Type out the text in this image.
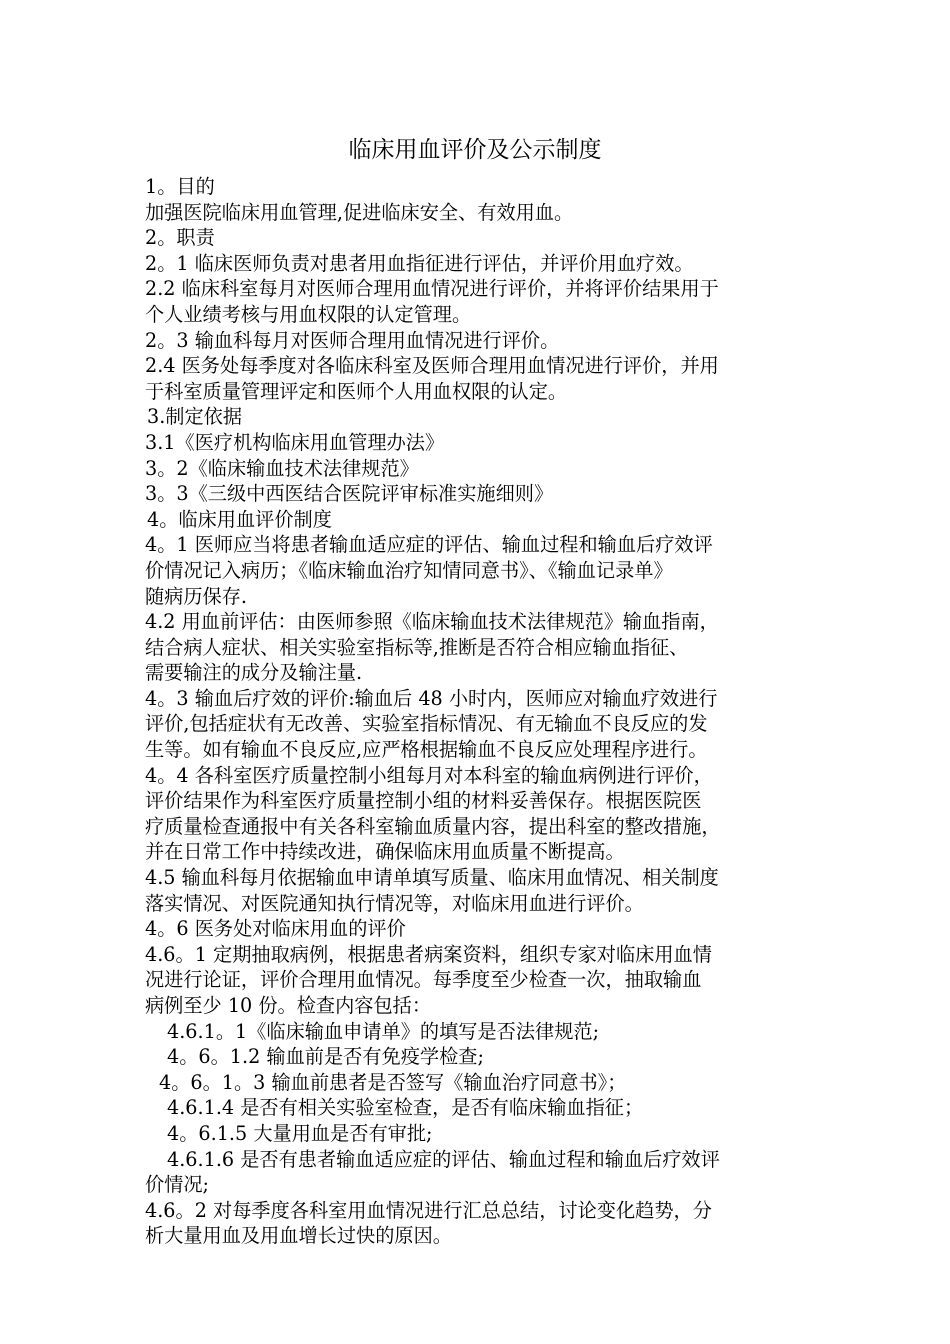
临床用血评价及公示制度
1。目的
加强医院临床用血管理,促进临床安全、有效用血。
2。职责
2。1 临床医师负责对患者用血指征进行评估，并评价用血疗效。
2.2 临床科室每月对医师合理用血情况进行评价，并将评价结果用于
个人业绩考核与用血权限的认定管理。
2。3 输血科每月对医师合理用血情况进行评价。
2.4 医务处每季度对各临床科室及医师合理用血情况进行评价，并用
于科室质量管理评定和医师个人用血权限的认定。
3.制定依据
3.1《医疗机构临床用血管理办法》
3。2《临床输血技术法律规范》
3。3《三级中西医结合医院评审标准实施细则》
4。临床用血评价制度
4。1 医师应当将患者输血适应症的评估、输血过程和输血后疗效评
价情况记入病历；《临床输血治疗知情同意书》、《输血记录单》
随病历保存.
4.2 用血前评估：由医师参照《临床输血技术法律规范》输血指南，
结合病人症状、相关实验室指标等,推断是否符合相应输血指征、
需要输注的成分及输注量.
4。3 输血后疗效的评价:输血后 48 小时内，医师应对输血疗效进行
评价,包括症状有无改善、实验室指标情况、有无输血不良反应的发
生等。如有输血不良反应,应严格根据输血不良反应处理程序进行。
4。4 各科室医疗质量控制小组每月对本科室的输血病例进行评价，
评价结果作为科室医疗质量控制小组的材料妥善保存。根据医院医
疗质量检查通报中有关各科室输血质量内容，提出科室的整改措施，
并在日常工作中持续改进，确保临床用血质量不断提高。
4.5 输血科每月依据输血申请单填写质量、临床用血情况、相关制度
落实情况、对医院通知执行情况等，对临床用血进行评价。
4。6 医务处对临床用血的评价
4.6。1 定期抽取病例，根据患者病案资料，组织专家对临床用血情
况进行论证，评价合理用血情况。每季度至少检查一次，抽取输血
病例至少 10 份。检查内容包括：
4.6.1。1《临床输血申请单》的填写是否法律规范;
4。6。1.2 输血前是否有免疫学检查;
4。6。1。3 输血前患者是否签写《输血治疗同意书》；
4.6.1.4 是否有相关实验室检查，是否有临床输血指征；
4。6.1.5 大量用血是否有审批;
4.6.1.6 是否有患者输血适应症的评估、输血过程和输血后疗效评
价情况;
4.6。2 对每季度各科室用血情况进行汇总总结，讨论变化趋势，分
析大量用血及用血增长过快的原因。
